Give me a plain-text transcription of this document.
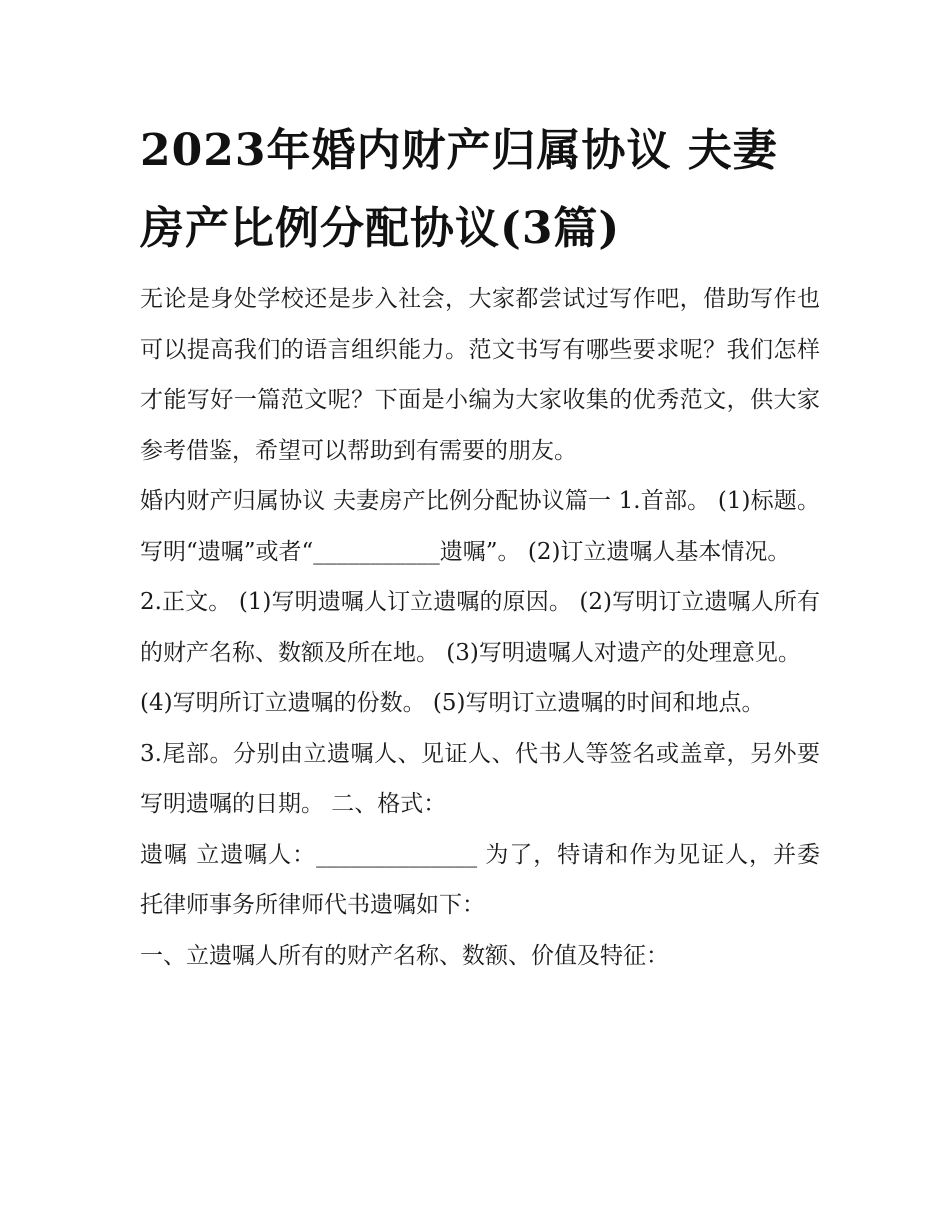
2023年婚内财产归属协议 夫妻房产比例分配协议(3篇)

无论是身处学校还是步入社会，大家都尝试过写作吧，借助写作也可以提高我们的语言组织能力。范文书写有哪些要求呢？我们怎样才能写好一篇范文呢？下面是小编为大家收集的优秀范文，供大家参考借鉴，希望可以帮助到有需要的朋友。

婚内财产归属协议 夫妻房产比例分配协议篇一 1.首部。 (1)标题。写明“遗嘱”或者“___________遗嘱”。 (2)订立遗嘱人基本情况。

2.正文。 (1)写明遗嘱人订立遗嘱的原因。 (2)写明订立遗嘱人所有的财产名称、数额及所在地。 (3)写明遗嘱人对遗产的处理意见。

(4)写明所订立遗嘱的份数。 (5)写明订立遗嘱的时间和地点。

3.尾部。分别由立遗嘱人、见证人、代书人等签名或盖章，另外要写明遗嘱的日期。 二、格式：

遗嘱 立遗嘱人：______________ 为了，特请和作为见证人，并委托律师事务所律师代书遗嘱如下：

一、立遗嘱人所有的财产名称、数额、价值及特征：
